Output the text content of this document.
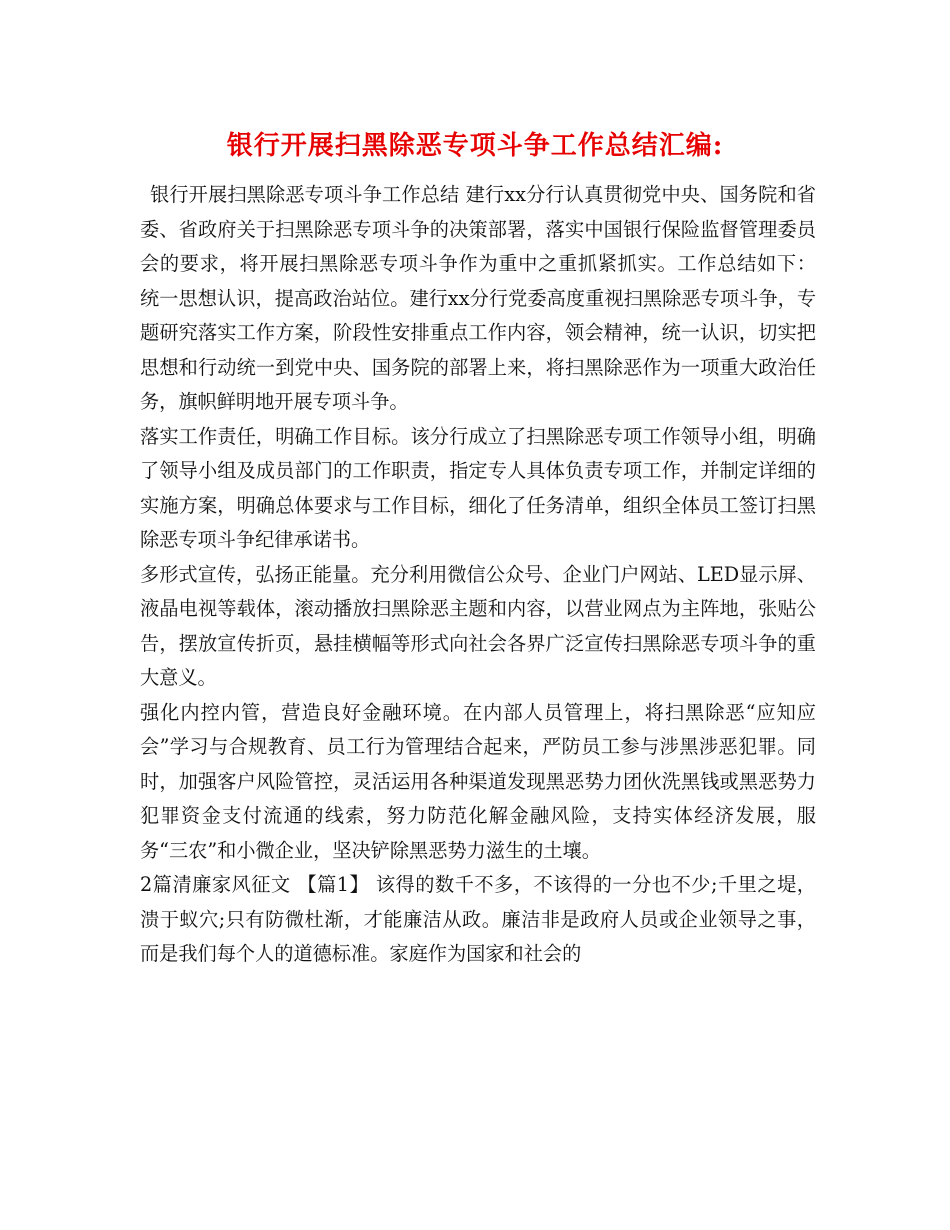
银行开展扫黑除恶专项斗争工作总结汇编:

银行开展扫黑除恶专项斗争工作总结 建行xx分行认真贯彻党中央、国务院和省委、省政府关于扫黑除恶专项斗争的决策部署，落实中国银行保险监督管理委员会的要求，将开展扫黑除恶专项斗争作为重中之重抓紧抓实。工作总结如下： 统一思想认识，提高政治站位。建行xx分行党委高度重视扫黑除恶专项斗争，专题研究落实工作方案，阶段性安排重点工作内容，领会精神，统一认识，切实把思想和行动统一到党中央、国务院的部署上来，将扫黑除恶作为一项重大政治任务，旗帜鲜明地开展专项斗争。

落实工作责任，明确工作目标。该分行成立了扫黑除恶专项工作领导小组，明确了领导小组及成员部门的工作职责，指定专人具体负责专项工作，并制定详细的实施方案，明确总体要求与工作目标，细化了任务清单，组织全体员工签订扫黑除恶专项斗争纪律承诺书。

多形式宣传，弘扬正能量。充分利用微信公众号、企业门户网站、LED显示屏、液晶电视等载体，滚动播放扫黑除恶主题和内容，以营业网点为主阵地，张贴公告，摆放宣传折页，悬挂横幅等形式向社会各界广泛宣传扫黑除恶专项斗争的重大意义。

强化内控内管，营造良好金融环境。在内部人员管理上，将扫黑除恶“应知应会”学习与合规教育、员工行为管理结合起来，严防员工参与涉黑涉恶犯罪。同时，加强客户风险管控，灵活运用各种渠道发现黑恶势力团伙洗黑钱或黑恶势力犯罪资金支付流通的线索，努力防范化解金融风险，支持实体经济发展，服务“三农”和小微企业，坚决铲除黑恶势力滋生的土壤。

2篇清廉家风征文 【篇1】 该得的数千不多，不该得的一分也不少;千里之堤，溃于蚁穴;只有防微杜渐，才能廉洁从政。廉洁非是政府人员或企业领导之事，而是我们每个人的道德标准。家庭作为国家和社会的
